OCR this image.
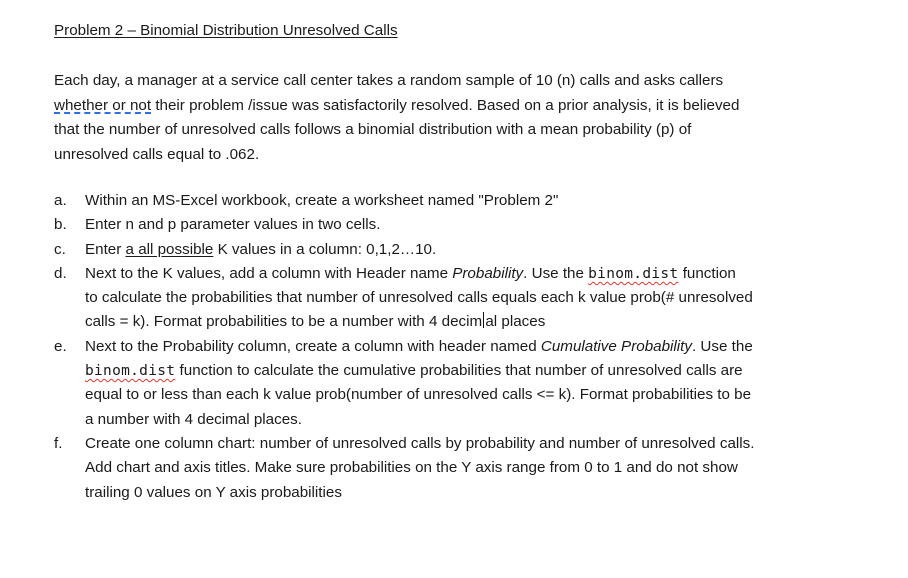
Problem 2 – Binomial Distribution Unresolved Calls
Each day, a manager at a service call center takes a random sample of 10 (n) calls and asks callers
whether or not their problem /issue was satisfactorily resolved. Based on a prior analysis, it is believed
that the number of unresolved calls follows a binomial distribution with a mean probability (p) of
unresolved calls equal to .062.
a. Within an MS-Excel workbook, create a worksheet named "Problem 2"
b. Enter n and p parameter values in two cells.
c. Enter a all possible K values in a column: 0,1,2…10.
d. Next to the K values, add a column with Header name Probability. Use the binom.dist function
to calculate the probabilities that number of unresolved calls equals each k value prob(# unresolved
calls = k). Format probabilities to be a number with 4 decim al places
e. Next to the Probability column, create a column with header named Cumulative Probability. Use the
binom.dist function to calculate the cumulative probabilities that number of unresolved calls are
equal to or less than each k value prob(number of unresolved calls <= k). Format probabilities to be
a number with 4 decimal places.
f. Create one column chart: number of unresolved calls by probability and number of unresolved calls.
Add chart and axis titles. Make sure probabilities on the Y axis range from 0 to 1 and do not show
trailing 0 values on Y axis probabilities
